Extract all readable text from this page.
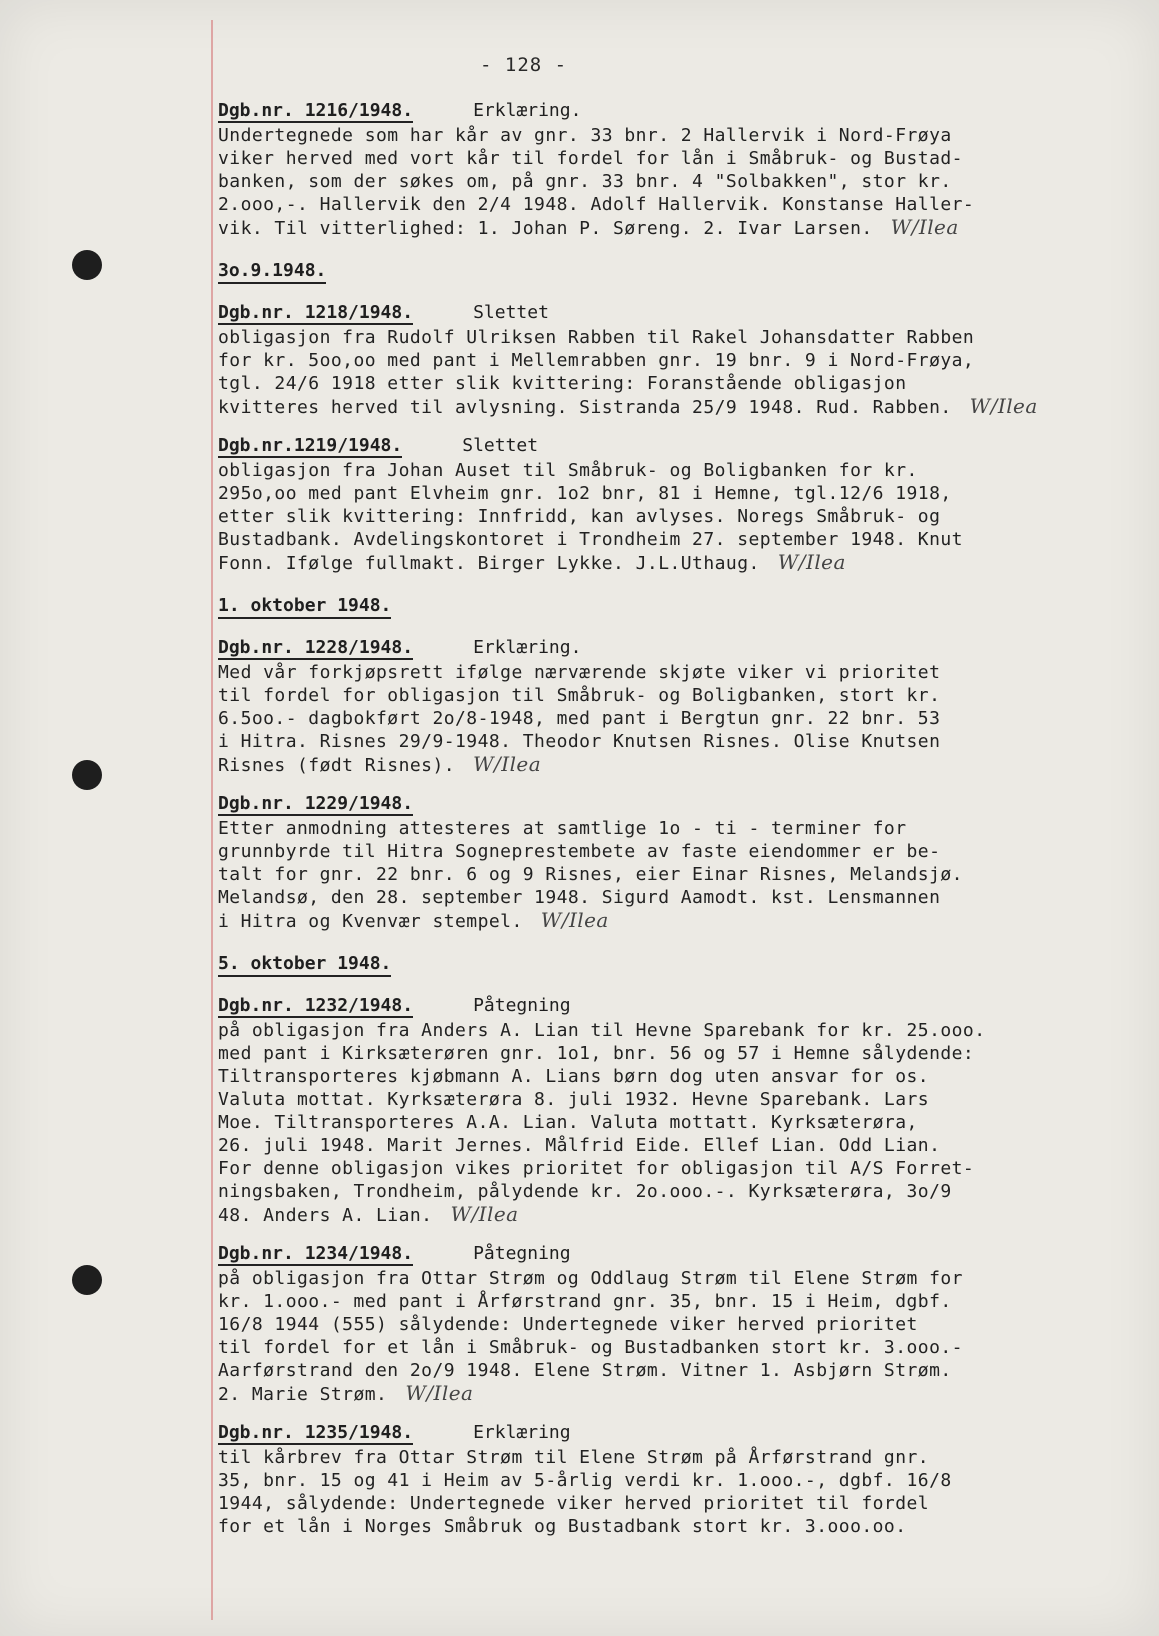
- 128 -
Dgb.nr. 1216/1948.	Erklæring.
Undertegnede som har kår av gnr. 33 bnr. 2 Hallervik i Nord-Frøya
viker herved med vort kår til fordel for lån i Småbruk- og Bustad-
banken, som der søkes om, på gnr. 33 bnr. 4 "Solbakken", stor kr.
2.ooo,-. Hallervik den 2/4 1948. Adolf Hallervik. Konstanse Haller-
vik. Til vitterlighed: 1. Johan P. Søreng. 2. Ivar Larsen. W/Ilea
3o.9.1948.
Dgb.nr. 1218/1948.	Slettet
obligasjon fra Rudolf Ulriksen Rabben til Rakel Johansdatter Rabben
for kr. 5oo,oo med pant i Mellemrabben gnr. 19 bnr. 9 i Nord-Frøya,
tgl. 24/6 1918 etter slik kvittering: Foranstående obligasjon
kvitteres herved til avlysning. Sistranda 25/9 1948. Rud. Rabben. W/Ilea
Dgb.nr.1219/1948.	Slettet
obligasjon fra Johan Auset til Småbruk- og Boligbanken for kr.
295o,oo med pant Elvheim gnr. 1o2 bnr, 81 i Hemne, tgl.12/6 1918,
etter slik kvittering: Innfridd, kan avlyses. Noregs Småbruk- og
Bustadbank. Avdelingskontoret i Trondheim 27. september 1948. Knut
Fonn. Ifølge fullmakt. Birger Lykke. J.L.Uthaug. W/Ilea
1. oktober 1948.
Dgb.nr. 1228/1948.	Erklæring.
Med vår forkjøpsrett ifølge nærværende skjøte viker vi prioritet
til fordel for obligasjon til Småbruk- og Boligbanken, stort kr.
6.5oo.- dagbokført 2o/8-1948, med pant i Bergtun gnr. 22 bnr. 53
i Hitra. Risnes 29/9-1948. Theodor Knutsen Risnes. Olise Knutsen
Risnes (født Risnes). W/Ilea
Dgb.nr. 1229/1948.
Etter anmodning attesteres at samtlige 1o - ti - terminer for
grunnbyrde til Hitra Sogneprestembete av faste eiendommer er be-
talt for gnr. 22 bnr. 6 og 9 Risnes, eier Einar Risnes, Melandsjø.
Melandsø, den 28. september 1948. Sigurd Aamodt. kst. Lensmannen
i Hitra og Kvenvær stempel. W/Ilea
5. oktober 1948.
Dgb.nr. 1232/1948.	Påtegning
på obligasjon fra Anders A. Lian til Hevne Sparebank for kr. 25.ooo.
med pant i Kirksæterøren gnr. 1o1, bnr. 56 og 57 i Hemne sålydende:
Tiltransporteres kjøbmann A. Lians børn dog uten ansvar for os.
Valuta mottat. Kyrksæterøra 8. juli 1932. Hevne Sparebank. Lars
Moe. Tiltransporteres A.A. Lian. Valuta mottatt. Kyrksæterøra,
26. juli 1948. Marit Jernes. Målfrid Eide. Ellef Lian. Odd Lian.
For denne obligasjon vikes prioritet for obligasjon til A/S Forret-
ningsbaken, Trondheim, pålydende kr. 2o.ooo.-. Kyrksæterøra, 3o/9
48. Anders A. Lian. W/Ilea
Dgb.nr. 1234/1948.	Påtegning
på obligasjon fra Ottar Strøm og Oddlaug Strøm til Elene Strøm for
kr. 1.ooo.- med pant i Årførstrand gnr. 35, bnr. 15 i Heim, dgbf.
16/8 1944 (555) sålydende: Undertegnede viker herved prioritet
til fordel for et lån i Småbruk- og Bustadbanken stort kr. 3.ooo.-
Aarførstrand den 2o/9 1948. Elene Strøm. Vitner 1. Asbjørn Strøm.
2. Marie Strøm. W/Ilea
Dgb.nr. 1235/1948.	Erklæring
til kårbrev fra Ottar Strøm til Elene Strøm på Årførstrand gnr.
35, bnr. 15 og 41 i Heim av 5-årlig verdi kr. 1.ooo.-, dgbf. 16/8
1944, sålydende: Undertegnede viker herved prioritet til fordel
for et lån i Norges Småbruk og Bustadbank stort kr. 3.ooo.oo.
